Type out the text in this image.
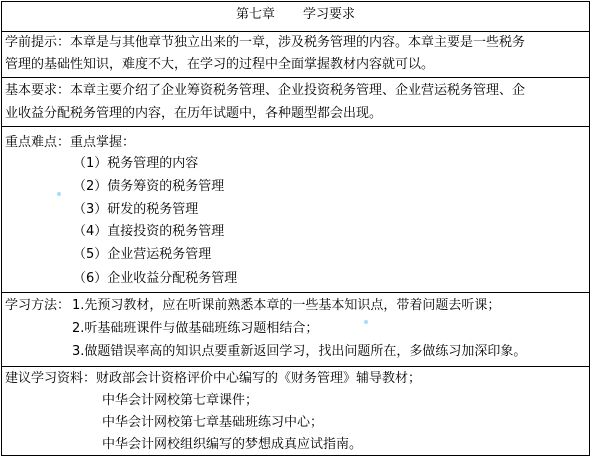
第七章 学习要求
学前提示：本章是与其他章节独立出来的一章，涉及税务管理的内容。本章主要是一些税务
管理的基础性知识，难度不大，在学习的过程中全面掌握教材内容就可以。
基本要求：本章主要介绍了企业筹资税务管理、企业投资税务管理、企业营运税务管理、企
业收益分配税务管理的内容，在历年试题中，各种题型都会出现。
重点难点：重点掌握：
（1）税务管理的内容
（2）债务筹资的税务管理
（3）研发的税务管理
（4）直接投资的税务管理
（5）企业营运税务管理
（6）企业收益分配税务管理
学习方法： 1.先预习教材，应在听课前熟悉本章的一些基本知识点，带着问题去听课；
2.听基础班课件与做基础班练习题相结合；
3.做题错误率高的知识点要重新返回学习，找出问题所在，多做练习加深印象。
建议学习资料：财政部会计资格评价中心编写的《财务管理》辅导教材；
中华会计网校第七章课件；
中华会计网校第七章基础班练习中心；
中华会计网校组织编写的梦想成真应试指南。
